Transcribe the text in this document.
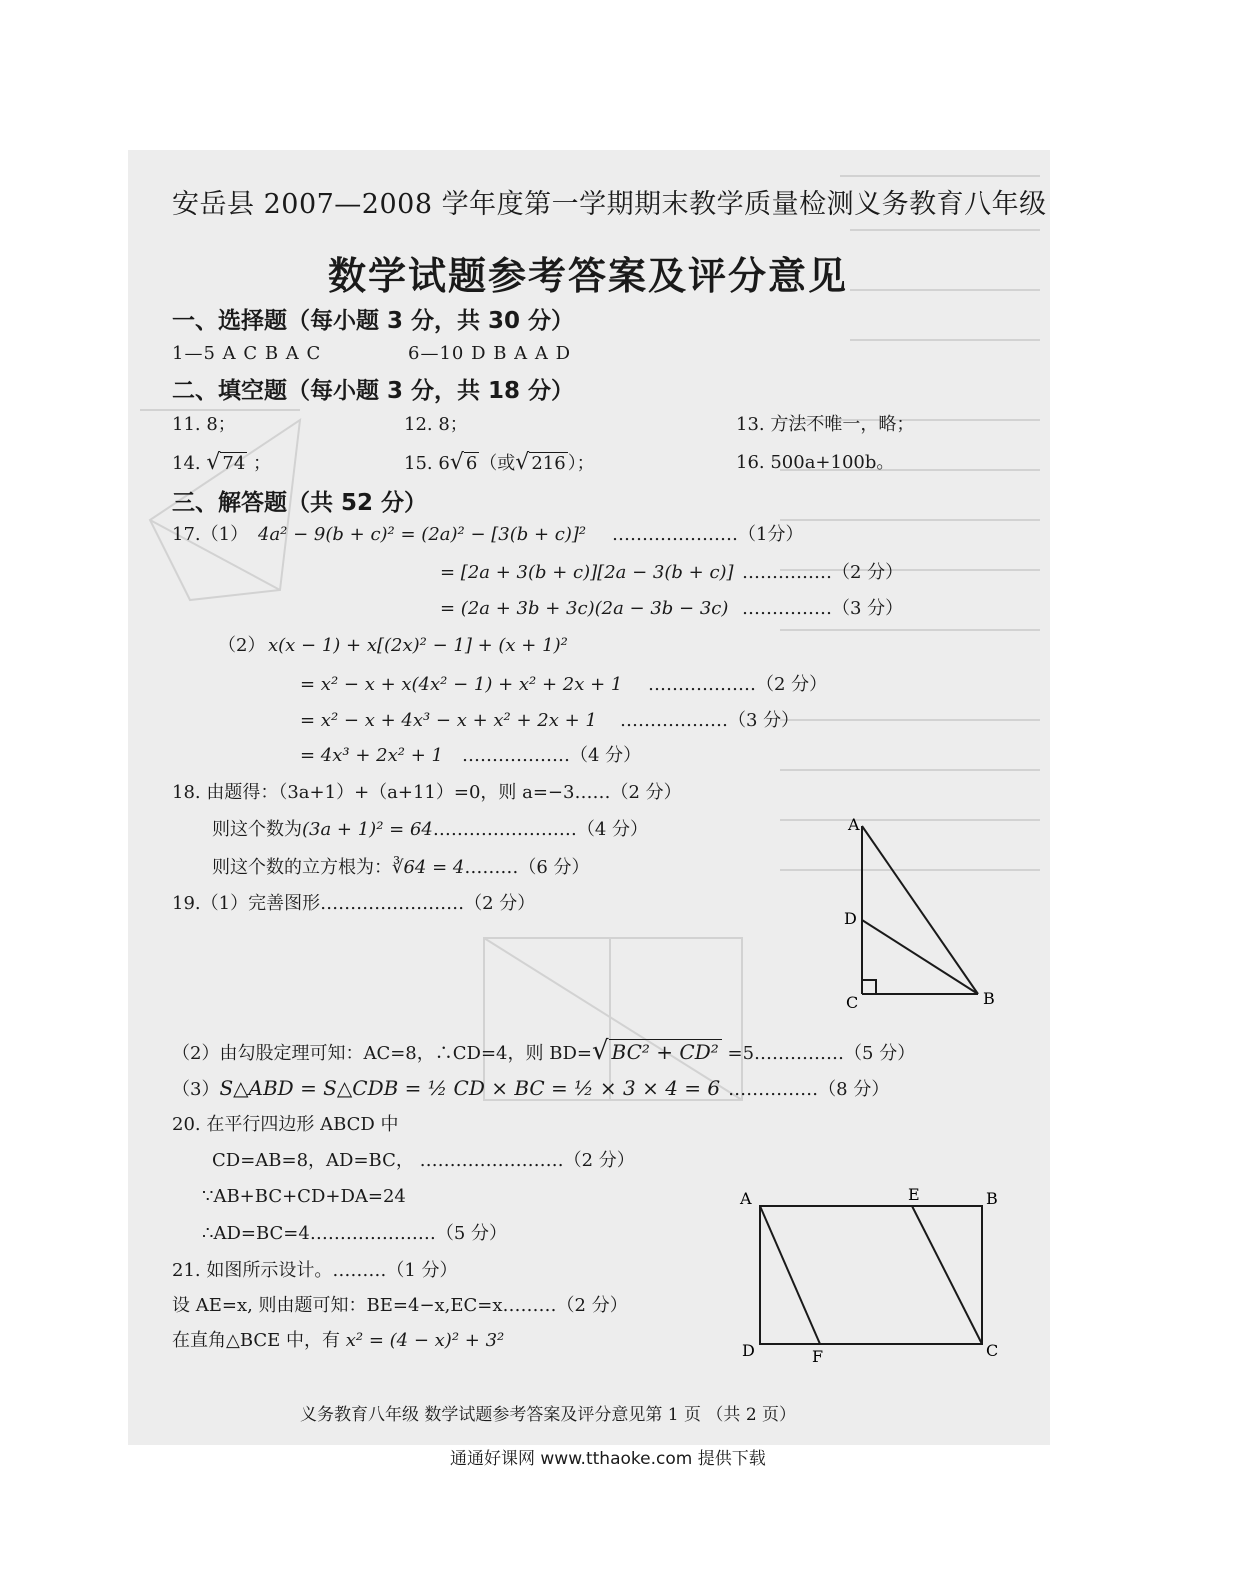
安岳县 2007—2008 学年度第一学期期末教学质量检测义务教育八年级
数学试题参考答案及评分意见
一、选择题（每小题 3 分，共 30 分）
1—5 A C B A C	6—10 D B A A D
二、填空题（每小题 3 分，共 18 分）
11. 8；	12. 8；	13. 方法不唯一，略；
14. √ 74 ；	15. 6√ 6 （或√ 216 ）；	16. 500a+100b。
三、解答题（共 52 分）
17.（1） 4a² − 9(b + c)² = (2a)² − [3(b + c)]² …………………（1分）
= [2a + 3(b + c)][2a − 3(b + c)] ……………（2 分）
= (2a + 3b + 3c)(2a − 3b − 3c) ……………（3 分）
（2） x(x − 1) + x[(2x)² − 1] + (x + 1)²
= x² − x + x(4x² − 1) + x² + 2x + 1 ………………（2 分）
= x² − x + 4x³ − x + x² + 2x + 1 ………………（3 分）
= 4x³ + 2x² + 1 ………………（4 分）
18. 由题得：（3a+1）+（a+11）=0，则 a=−3……（2 分）
则这个数为(3a + 1)² = 64……………………（4 分）
则这个数的立方根为：∛64 = 4………（6 分）
19.（1）完善图形……………………（2 分）
A
D
C	B
（2）由勾股定理可知：AC=8，∴CD=4，则 BD=√ BC² + CD² =5……………（5 分）
（3）S△ABD = S△CDB = ½ CD × BC = ½ × 3 × 4 = 6 ……………（8 分）
20. 在平行四边形 ABCD 中
CD=AB=8，AD=BC， ……………………（2 分）
∵AB+BC+CD+DA=24
∴AD=BC=4…………………（5 分）
21. 如图所示设计。………（1 分）
设 AE=x, 则由题可知：BE=4−x,EC=x………（2 分）
在直角△BCE 中，有 x² = (4 − x)² + 3²
A	E	B
D	F	C
义务教育八年级 数学试题参考答案及评分意见第 1 页 （共 2 页）
通通好课网 www.tthaoke.com 提供下载
